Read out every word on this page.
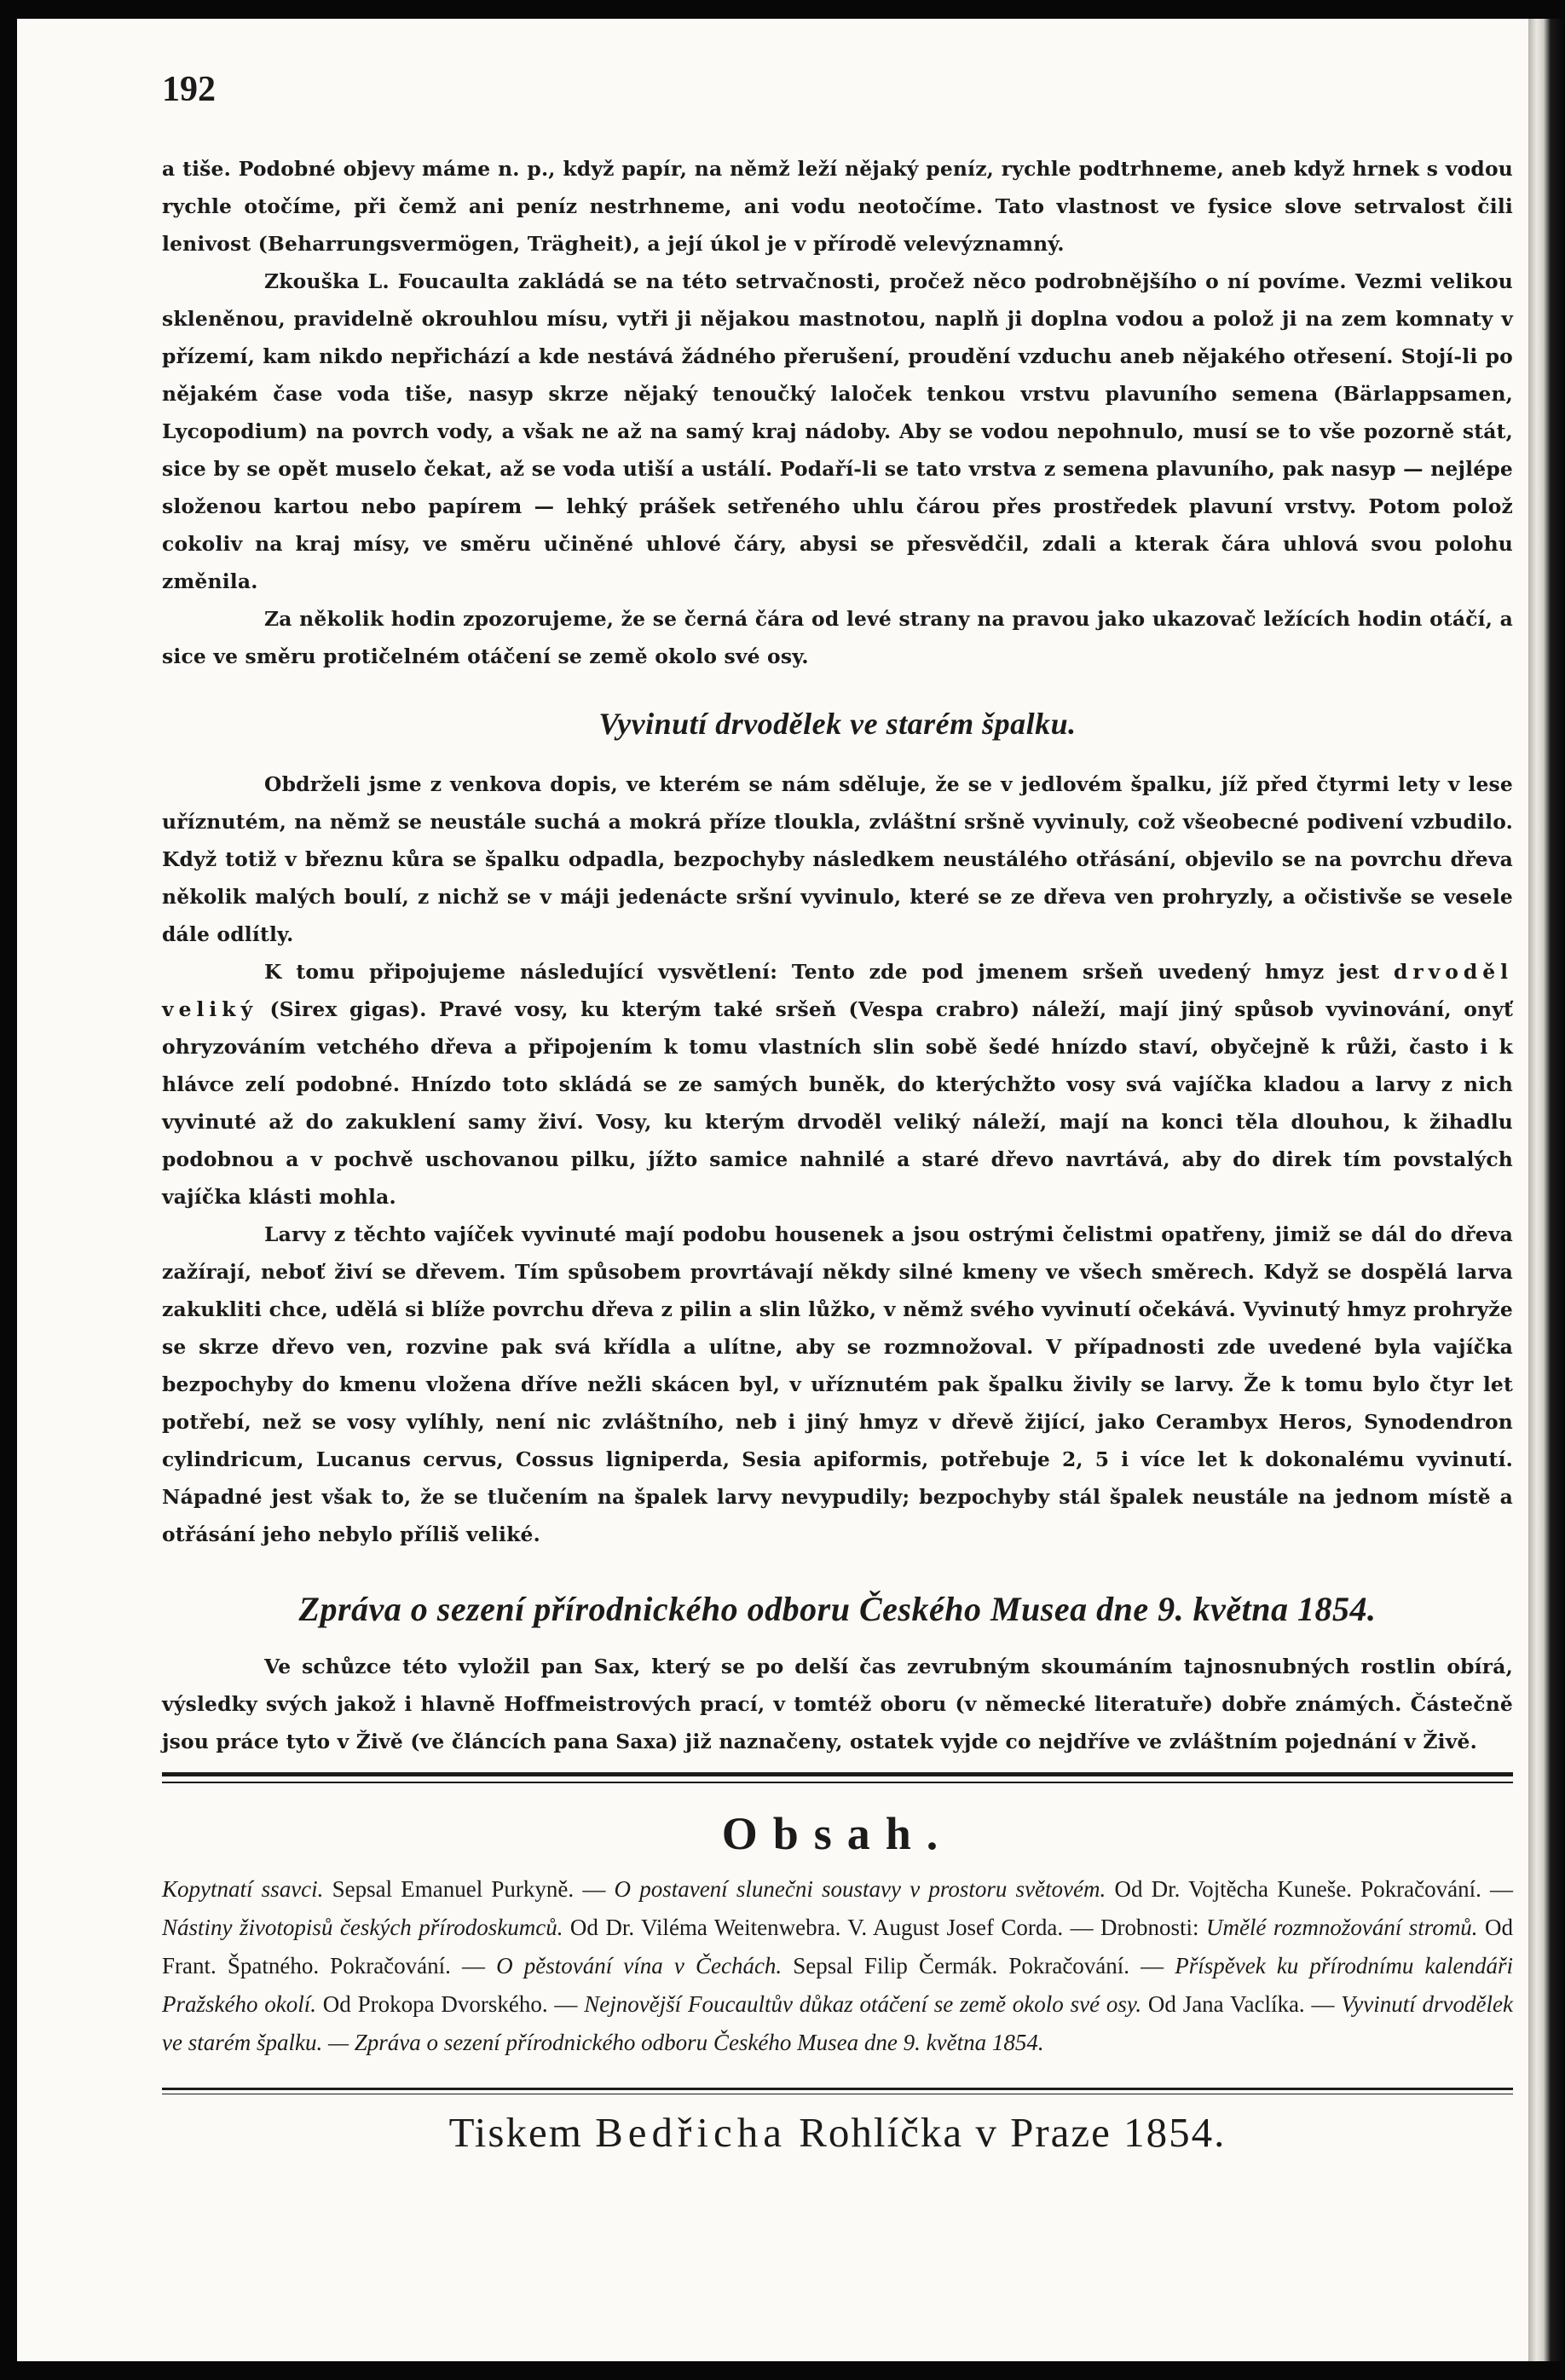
192

a tiše. Podobné objevy máme n. p., když papír, na němž leží nějaký peníz, rychle podtrhneme, aneb když hrnek s vodou rychle otočíme, při čemž ani peníz nestrhneme, ani vodu neotočíme. Tato vlastnost ve fysice slove setrvalost čili lenivost (Beharrungsvermögen, Trägheit), a její úkol je v přírodě velevýznamný.

Zkouška L. Foucaulta zakládá se na této setrvačnosti, pročež něco podrobnějšího o ní povíme. Vezmi velikou skleněnou, pravidelně okrouhlou mísu, vytři ji nějakou mastnotou, naplň ji doplna vodou a polož ji na zem komnaty v přízemí, kam nikdo nepřichází a kde nestává žádného přerušení, proudění vzduchu aneb nějakého otřesení. Stojí-li po nějakém čase voda tiše, nasyp skrze nějaký tenoučký laloček tenkou vrstvu plavuního semena (Bärlappsamen, Lycopodium) na povrch vody, a však ne až na samý kraj nádoby. Aby se vodou nepohnulo, musí se to vše pozorně stát, sice by se opět muselo čekat, až se voda utiší a ustálí. Podaří-li se tato vrstva z semena plavuního, pak nasyp — nejlépe složenou kartou nebo papírem — lehký prášek setřeného uhlu čárou přes prostředek plavuní vrstvy. Potom polož cokoliv na kraj mísy, ve směru učiněné uhlové čáry, abysi se přesvědčil, zdali a kterak čára uhlová svou polohu změnila.

Za několik hodin zpozorujeme, že se černá čára od levé strany na pravou jako ukazovač ležících hodin otáčí, a sice ve směru protičelném otáčení se země okolo své osy.

Vyvinutí drvodělek ve starém špalku.

Obdrželi jsme z venkova dopis, ve kterém se nám sděluje, že se v jedlovém špalku, jíž před čtyrmi lety v lese uříznutém, na němž se neustále suchá a mokrá příze tloukla, zvláštní sršně vyvinuly, což všeobecné podivení vzbudilo. Když totiž v březnu kůra se špalku odpadla, bezpochyby následkem neustálého otřásání, objevilo se na povrchu dřeva několik malých boulí, z nichž se v máji jedenácte sršní vyvinulo, které se ze dřeva ven prohryzly, a očistivše se vesele dále odlítly.

K tomu připojujeme následující vysvětlení: Tento zde pod jmenem sršeň uvedený hmyz jest drvoděl veliký (Sirex gigas). Pravé vosy, ku kterým také sršeň (Vespa crabro) náleží, mají jiný spůsob vyvinování, onyť ohryzováním vetchého dřeva a připojením k tomu vlastních slin sobě šedé hnízdo staví, obyčejně k růži, často i k hlávce zelí podobné. Hnízdo toto skládá se ze samých buněk, do kterýchžto vosy svá vajíčka kladou a larvy z nich vyvinuté až do zakuklení samy živí. Vosy, ku kterým drvoděl veliký náleží, mají na konci těla dlouhou, k žihadlu podobnou a v pochvě uschovanou pilku, jížto samice nahnilé a staré dřevo navrtává, aby do direk tím povstalých vajíčka klásti mohla.

Larvy z těchto vajíček vyvinuté mají podobu housenek a jsou ostrými čelistmi opatřeny, jimiž se dál do dřeva zažírají, neboť živí se dřevem. Tím spůsobem provrtávají někdy silné kmeny ve všech směrech. Když se dospělá larva zakukliti chce, udělá si blíže povrchu dřeva z pilin a slin lůžko, v němž svého vyvinutí očekává. Vyvinutý hmyz prohryže se skrze dřevo ven, rozvine pak svá křídla a ulítne, aby se rozmnožoval. V případnosti zde uvedené byla vajíčka bezpochyby do kmenu vložena dříve nežli skácen byl, v uříznutém pak špalku živily se larvy. Že k tomu bylo čtyr let potřebí, než se vosy vylíhly, není nic zvláštního, neb i jiný hmyz v dřevě žijící, jako Cerambyx Heros, Synodendron cylindricum, Lucanus cervus, Cossus ligniperda, Sesia apiformis, potřebuje 2, 5 i více let k dokonalému vyvinutí. Nápadné jest však to, že se tlučením na špalek larvy nevypudily; bezpochyby stál špalek neustále na jednom místě a otřásání jeho nebylo příliš veliké.

Zpráva o sezení přírodnického odboru Českého Musea dne 9. května 1854.

Ve schůzce této vyložil pan Sax, který se po delší čas zevrubným skoumáním tajnosnubných rostlin obírá, výsledky svých jakož i hlavně Hoffmeistrových prací, v tomtéž oboru (v německé literatuře) dobře známých. Částečně jsou práce tyto v Živě (ve článcích pana Saxa) již naznačeny, ostatek vyjde co nejdříve ve zvláštním pojednání v Živě.

Obsah.

Kopytnatí ssavci. Sepsal Emanuel Purkyně. — O postavení slunečni soustavy v prostoru světovém. Od Dr. Vojtěcha Kuneše. Pokračování. — Nástiny životopisů českých přírodoskumců. Od Dr. Viléma Weitenwebra. V. August Josef Corda. — Drobnosti: Umělé rozmnožování stromů. Od Frant. Špatného. Pokračování. — O pěstování vína v Čechách. Sepsal Filip Čermák. Pokračování. — Příspěvek ku přírodnímu kalendáři Pražského okolí. Od Prokopa Dvorského. — Nejnovější Foucaultův důkaz otáčení se země okolo své osy. Od Jana Vaclíka. — Vyvinutí drvodělek ve starém špalku. — Zpráva o sezení přírodnického odboru Českého Musea dne 9. května 1854.

Tiskem Bedřicha Rohlíčka v Praze 1854.
